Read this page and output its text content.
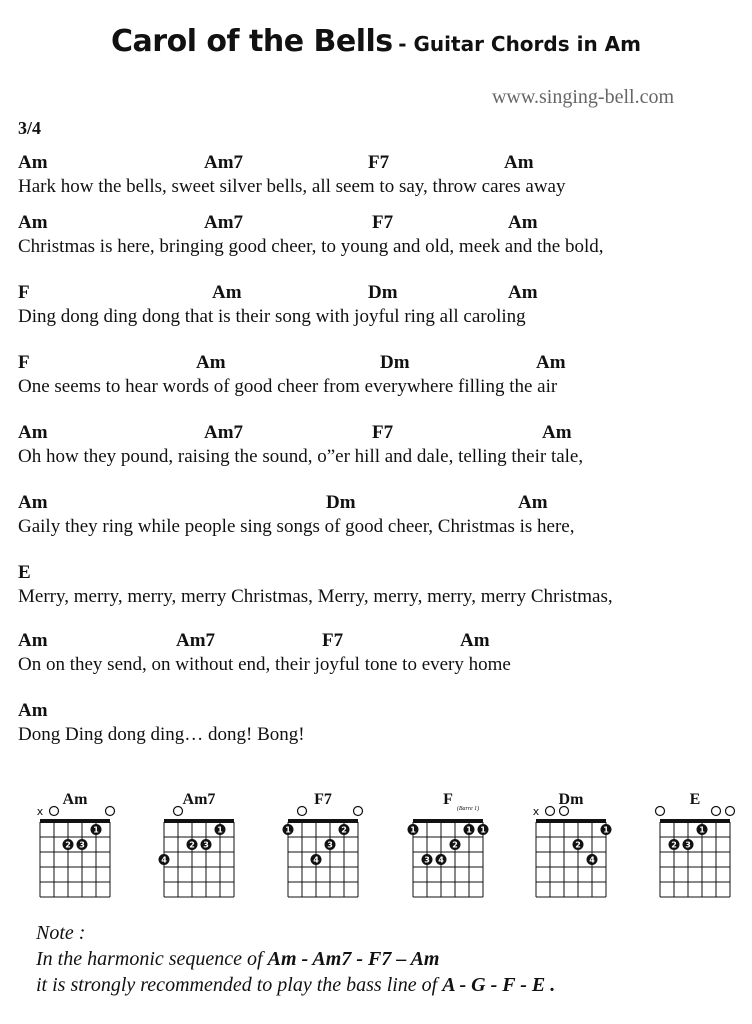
Carol of the Bells - Guitar Chords in Am
www.singing-bell.com
3/4
Am	Am7	F7	Am
Hark how the bells, sweet silver bells, all seem to say, throw cares away
Am	Am7	F7	Am
Christmas is here, bringing good cheer, to young and old, meek and the bold,
F	Am	Dm	Am
Ding dong ding dong that is their song with joyful ring all caroling
F	Am	Dm	Am
One seems to hear words of good cheer from everywhere filling the air
Am	Am7	F7	Am
Oh how they pound, raising the sound, o”er hill and dale, telling their tale,
Am	Dm	Am
Gaily they ring while people sing songs of good cheer, Christmas is here,
E
Merry, merry, merry, merry Christmas, Merry, merry, merry, merry Christmas,
Am	Am7	F7	Am
On on they send, on without end, their joyful tone to every home
Am
Dong Ding dong ding… dong! Bong!
Am
x
1
2 3
Am7
1
2 3
4
F7
1	2
3
4
F
(Barre 1)
1	1 1
2
3 4
Dm
x
1
2
4
E
1
2 3
Note :
In the harmonic sequence of Am - Am7 - F7 – Am
it is strongly recommended to play the bass line of A - G - F - E .
